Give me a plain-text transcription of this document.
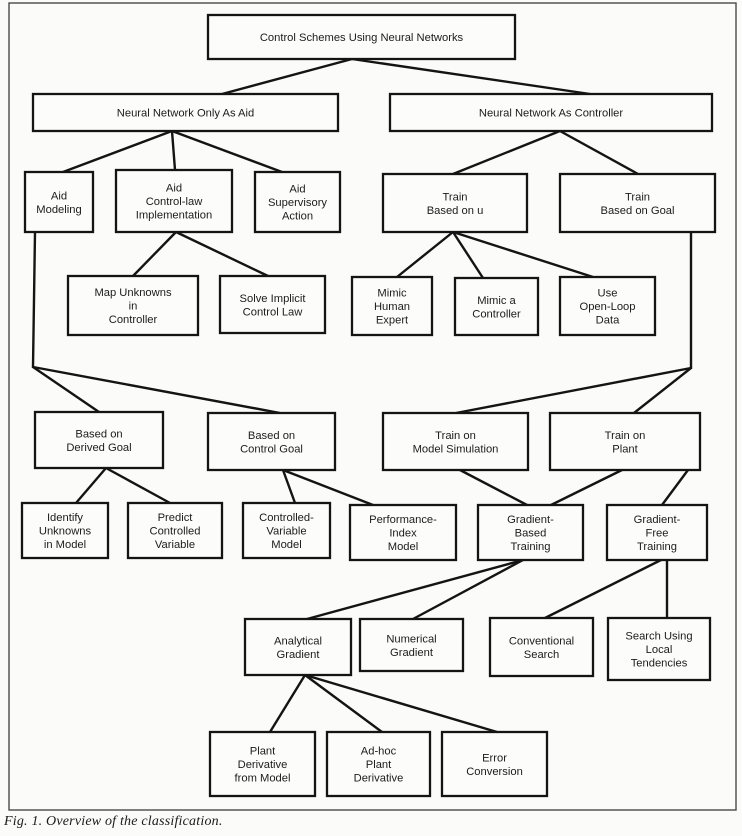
Control Schemes Using Neural Networks
Neural Network Only As Aid	Neural Network As Controller
Aid Modeling
Aid Control-law Implementation
Aid Supervisory Action
Train Based on u
Train Based on Goal
Map Unknowns in Controller
Solve Implicit Control Law
Mimic Human Expert
Mimic a Controller
Use Open-Loop Data
Based on Derived Goal
Based on Control Goal
Train on Model Simulation
Train on Plant
Identify Unknowns in Model
Predict Controlled Variable
Controlled-Variable Model
Performance-Index Model
Gradient-Based Training
Gradient-Free Training
Analytical Gradient
Numerical Gradient
Conventional Search
Search Using Local Tendencies
Plant Derivative from Model
Ad-hoc Plant Derivative
Error Conversion
Fig. 1. Overview of the classification.
